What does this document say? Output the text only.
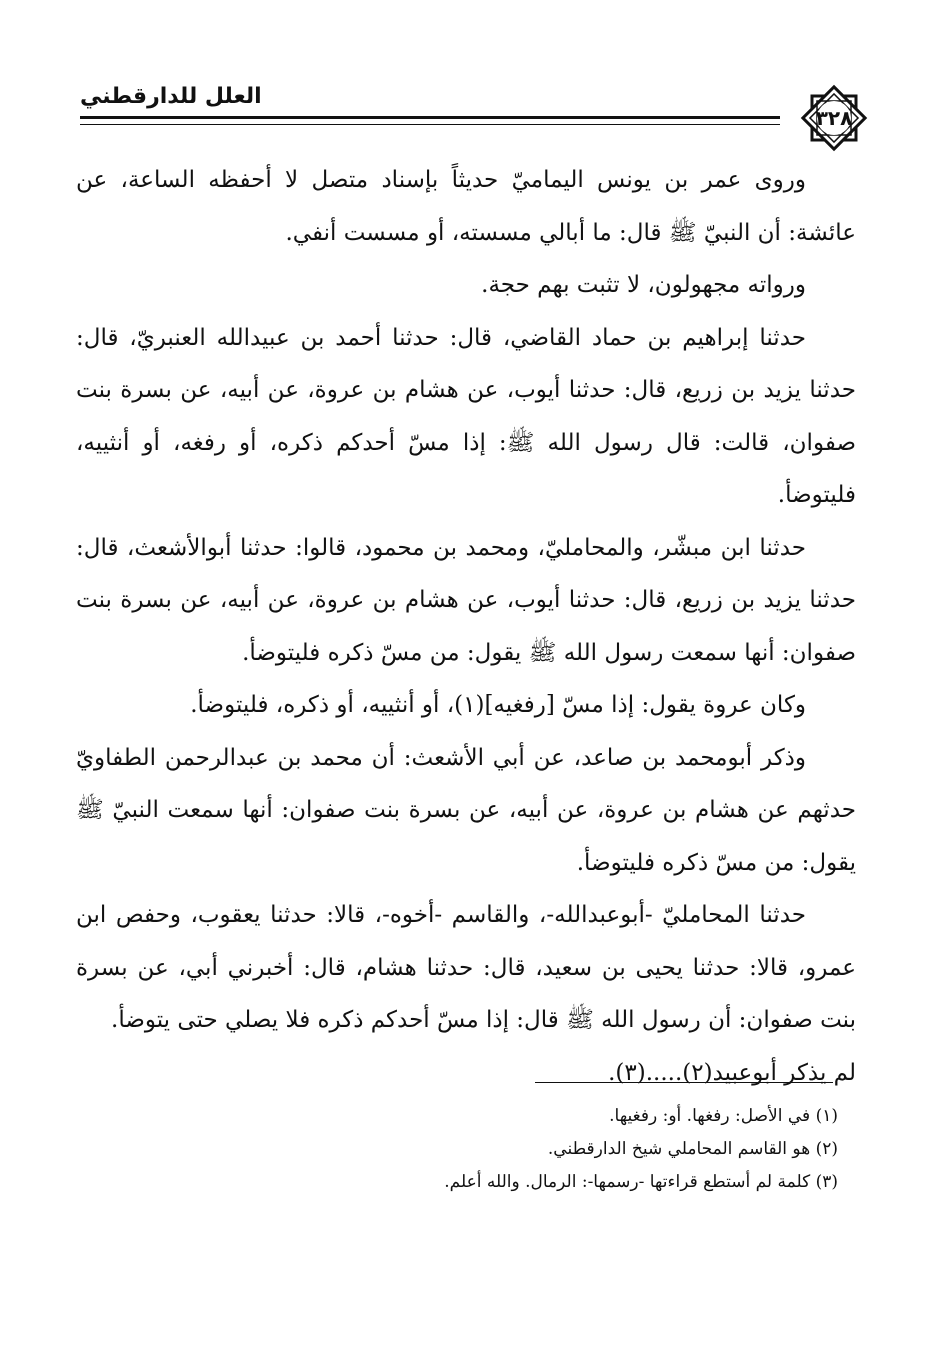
العلل للدارقطني
٣٢٨

وروى عمر بن يونس اليماميّ حديثاً بإسناد متصل لا أحفظه الساعة، عن عائشة: أن النبيّ ﷺ قال: ما أبالي مسسته، أو مسست أنفي.

ورواته مجهولون، لا تثبت بهم حجة.

حدثنا إبراهيم بن حماد القاضي، قال: حدثنا أحمد بن عبيدالله العنبريّ، قال: حدثنا يزيد بن زريع، قال: حدثنا أيوب، عن هشام بن عروة، عن أبيه، عن بسرة بنت صفوان، قالت: قال رسول الله ﷺ: إذا مسّ أحدكم ذكره، أو رفغه، أو أنثييه، فليتوضأ.

حدثنا ابن مبشّر، والمحامليّ، ومحمد بن محمود، قالوا: حدثنا أبوالأشعث، قال: حدثنا يزيد بن زريع، قال: حدثنا أيوب، عن هشام بن عروة، عن أبيه، عن بسرة بنت صفوان: أنها سمعت رسول الله ﷺ يقول: من مسّ ذكره فليتوضأ.

وكان عروة يقول: إذا مسّ [رفغيه](١)، أو أنثييه، أو ذكره، فليتوضأ.

وذكر أبومحمد بن صاعد، عن أبي الأشعث: أن محمد بن عبدالرحمن الطفاويّ حدثهم عن هشام بن عروة، عن أبيه، عن بسرة بنت صفوان: أنها سمعت النبيّ ﷺ يقول: من مسّ ذكره فليتوضأ.

حدثنا المحامليّ -أبوعبدالله-، والقاسم -أخوه-، قالا: حدثنا يعقوب، وحفص ابن عمرو، قالا: حدثنا يحيى بن سعيد، قال: حدثنا هشام، قال: أخبرني أبي، عن بسرة بنت صفوان: أن رسول الله ﷺ قال: إذا مسّ أحدكم ذكره فلا يصلي حتى يتوضأ.

لم يذكر أبوعبيد(٢).....(٣).

(١) في الأصل: رفغها. أو: رفغيها.
(٢) هو القاسم المحاملي شيخ الدارقطني.
(٣) كلمة لم أستطع قراءتها -رسمها-: الرمال. والله أعلم.
